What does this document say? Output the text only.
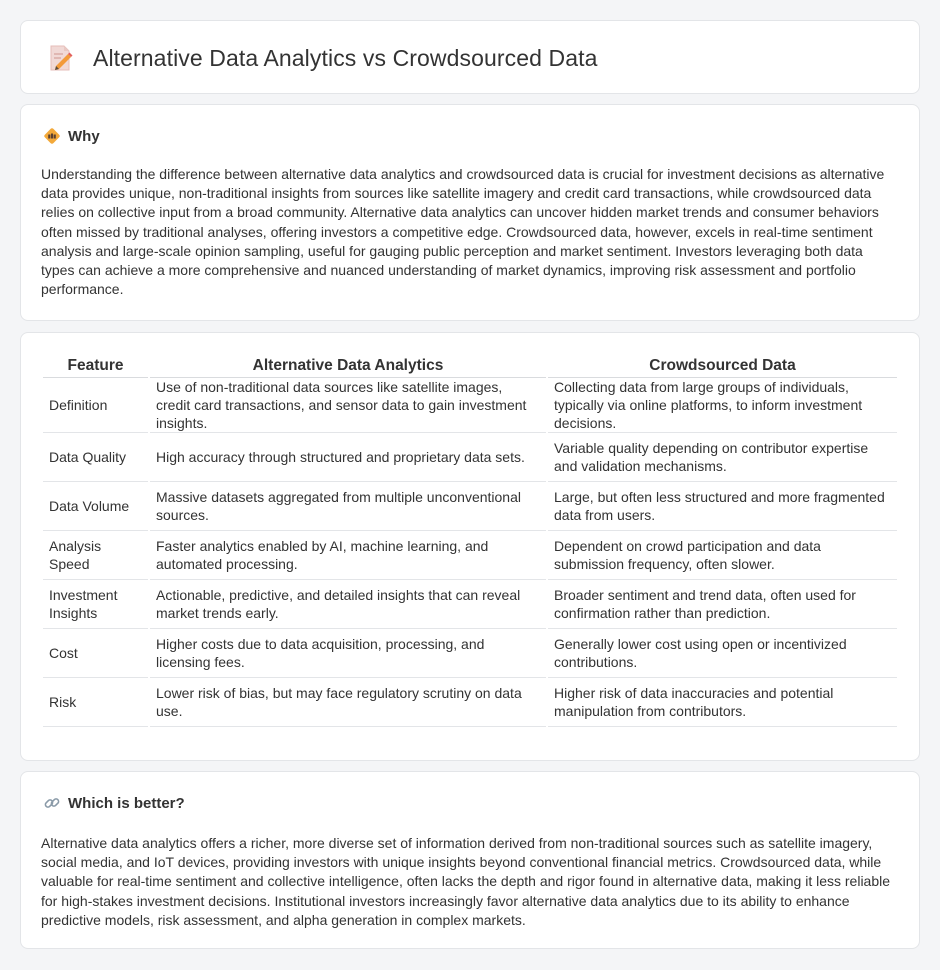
Alternative Data Analytics vs Crowdsourced Data
Why

Understanding the difference between alternative data analytics and crowdsourced data is crucial for investment decisions as alternative data provides unique, non-traditional insights from sources like satellite imagery and credit card transactions, while crowdsourced data relies on collective input from a broad community. Alternative data analytics can uncover hidden market trends and consumer behaviors often missed by traditional analyses, offering investors a competitive edge. Crowdsourced data, however, excels in real-time sentiment analysis and large-scale opinion sampling, useful for gauging public perception and market sentiment. Investors leveraging both data types can achieve a more comprehensive and nuanced understanding of market dynamics, improving risk assessment and portfolio performance.

Feature	Alternative Data Analytics	Crowdsourced Data
Definition	Use of non-traditional data sources like satellite images, credit card transactions, and sensor data to gain investment insights.	Collecting data from large groups of individuals, typically via online platforms, to inform investment decisions.
Data Quality	High accuracy through structured and proprietary data sets.	Variable quality depending on contributor expertise and validation mechanisms.
Data Volume	Massive datasets aggregated from multiple unconventional sources.	Large, but often less structured and more fragmented data from users.
Analysis Speed	Faster analytics enabled by AI, machine learning, and automated processing.	Dependent on crowd participation and data submission frequency, often slower.
Investment Insights	Actionable, predictive, and detailed insights that can reveal market trends early.	Broader sentiment and trend data, often used for confirmation rather than prediction.
Cost	Higher costs due to data acquisition, processing, and licensing fees.	Generally lower cost using open or incentivized contributions.
Risk	Lower risk of bias, but may face regulatory scrutiny on data use.	Higher risk of data inaccuracies and potential manipulation from contributors.
Which is better?

Alternative data analytics offers a richer, more diverse set of information derived from non-traditional sources such as satellite imagery, social media, and IoT devices, providing investors with unique insights beyond conventional financial metrics. Crowdsourced data, while valuable for real-time sentiment and collective intelligence, often lacks the depth and rigor found in alternative data, making it less reliable for high-stakes investment decisions. Institutional investors increasingly favor alternative data analytics due to its ability to enhance predictive models, risk assessment, and alpha generation in complex markets.
